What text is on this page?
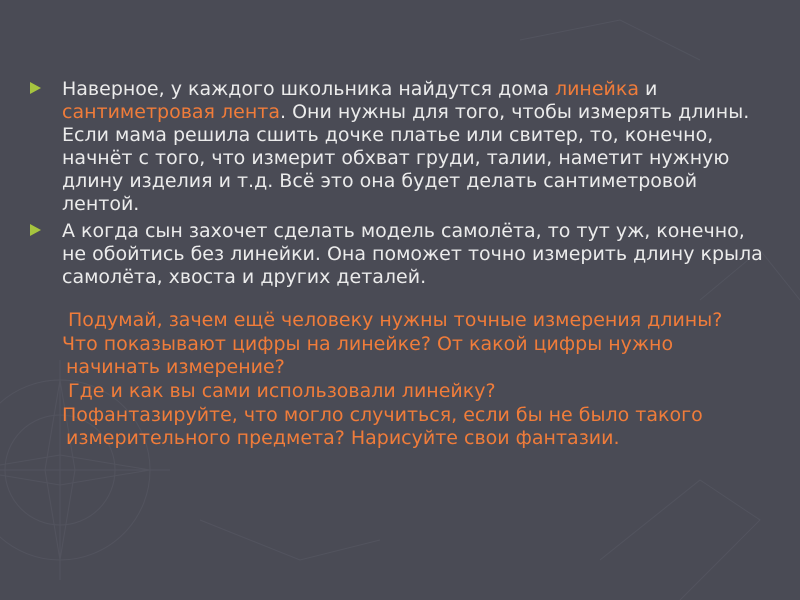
Наверное, у каждого школьника найдутся дома линейка и сантиметровая лента. Они нужны для того, чтобы измерять длины. Если мама решила сшить дочке платье или свитер, то, конечно, начнёт с того, что измерит обхват груди, талии, наметит нужную длину изделия и т.д. Всё это она будет делать сантиметровой лентой.
А когда сын захочет сделать модель самолёта, то тут уж, конечно, не обойтись без линейки. Она поможет точно измерить длину крыла самолёта, хвоста и других деталей.
Подумай, зачем ещё человеку нужны точные измерения длины?
Что показывают цифры на линейке? От какой цифры нужно
начинать измерение?
Где и как вы сами использовали линейку?
Пофантазируйте, что могло случиться, если бы не было такого
измерительного предмета? Нарисуйте свои фантазии.
